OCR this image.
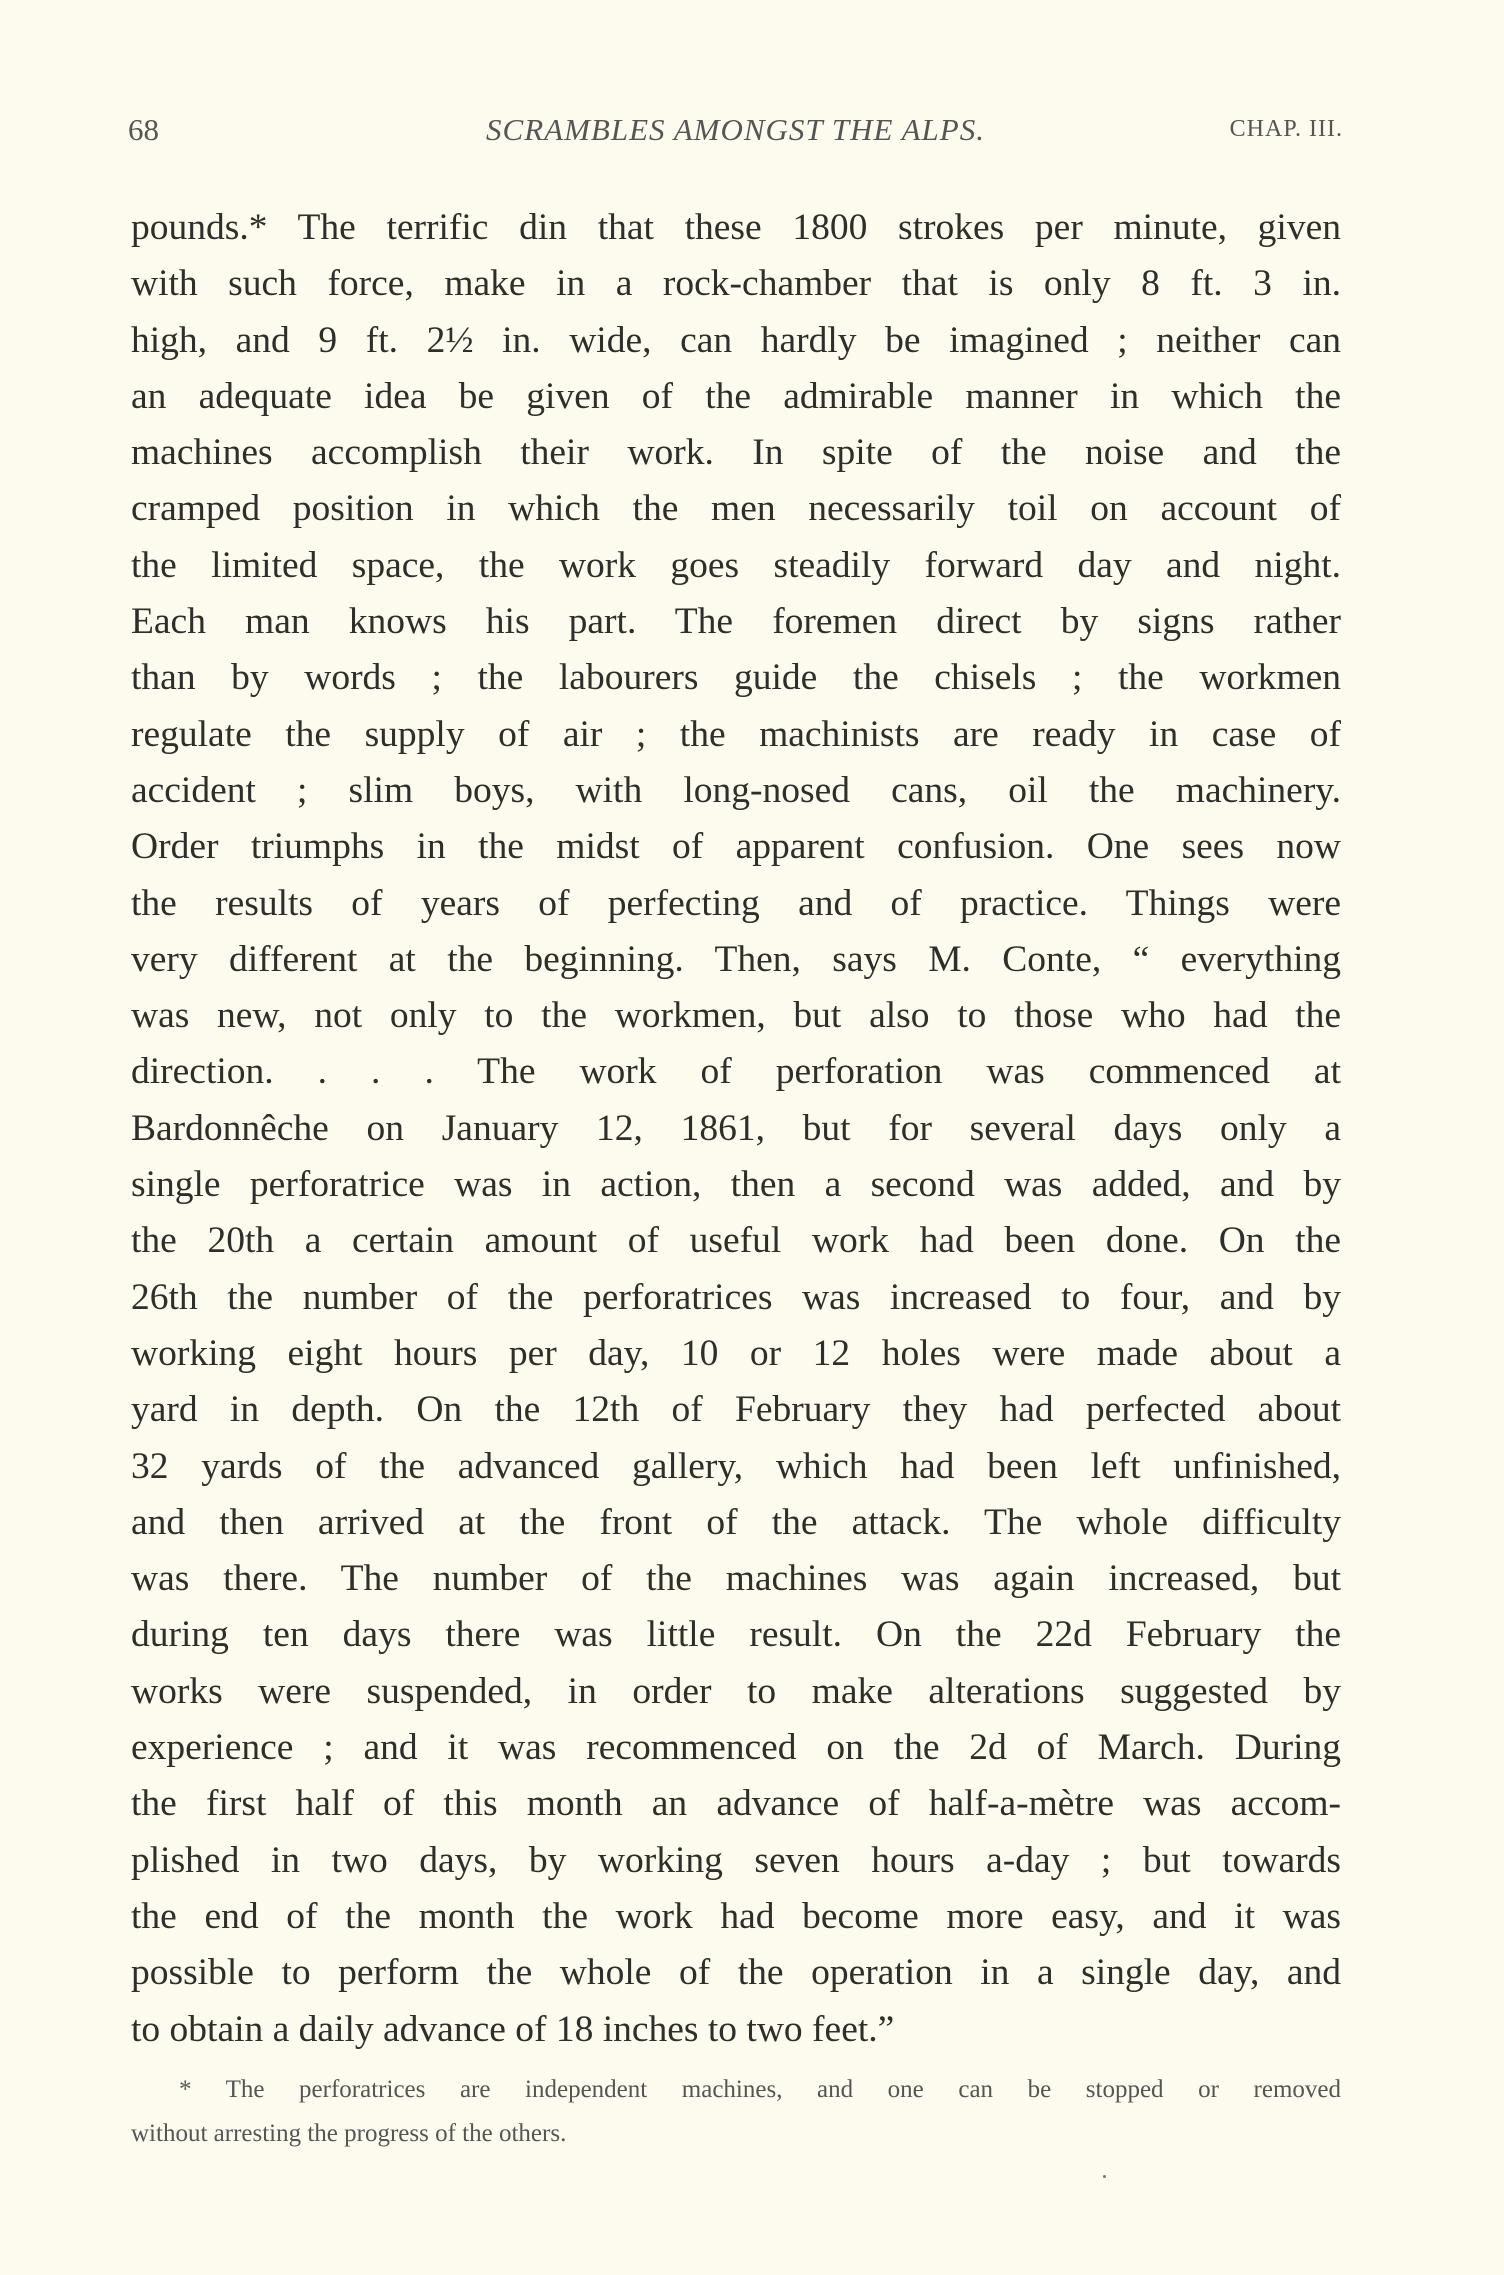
68	SCRAMBLES AMONGST THE ALPS.	CHAP. III.
pounds.* The terrific din that these 1800 strokes per minute, given
with such force, make in a rock-chamber that is only 8 ft. 3 in.
high, and 9 ft. 2½ in. wide, can hardly be imagined ; neither can
an adequate idea be given of the admirable manner in which the
machines accomplish their work. In spite of the noise and the
cramped position in which the men necessarily toil on account of
the limited space, the work goes steadily forward day and night.
Each man knows his part. The foremen direct by signs rather
than by words ; the labourers guide the chisels ; the workmen
regulate the supply of air ; the machinists are ready in case of
accident ; slim boys, with long-nosed cans, oil the machinery.
Order triumphs in the midst of apparent confusion. One sees now
the results of years of perfecting and of practice. Things were
very different at the beginning. Then, says M. Conte, “ everything
was new, not only to the workmen, but also to those who had the
direction. . . . The work of perforation was commenced at
Bardonnêche on January 12, 1861, but for several days only a
single perforatrice was in action, then a second was added, and by
the 20th a certain amount of useful work had been done. On the
26th the number of the perforatrices was increased to four, and by
working eight hours per day, 10 or 12 holes were made about a
yard in depth. On the 12th of February they had perfected about
32 yards of the advanced gallery, which had been left unfinished,
and then arrived at the front of the attack. The whole difficulty
was there. The number of the machines was again increased, but
during ten days there was little result. On the 22d February the
works were suspended, in order to make alterations suggested by
experience ; and it was recommenced on the 2d of March. During
the first half of this month an advance of half-a-mètre was accom-
plished in two days, by working seven hours a-day ; but towards
the end of the month the work had become more easy, and it was
possible to perform the whole of the operation in a single day, and
to obtain a daily advance of 18 inches to two feet.”
* The perforatrices are independent machines, and one can be stopped or removed
without arresting the progress of the others.
